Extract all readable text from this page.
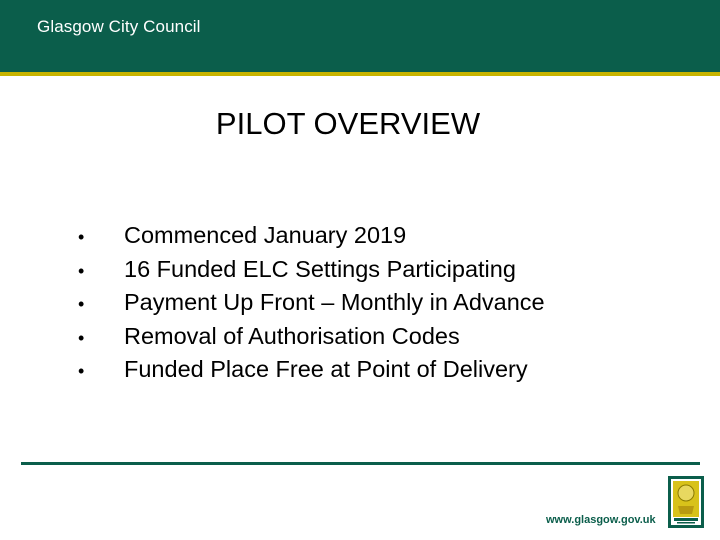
Glasgow City Council
PILOT OVERVIEW
• Commenced January 2019
• 16 Funded ELC Settings Participating
• Payment Up Front – Monthly in Advance
• Removal of Authorisation Codes
• Funded Place Free at Point of Delivery
www.glasgow.gov.uk
